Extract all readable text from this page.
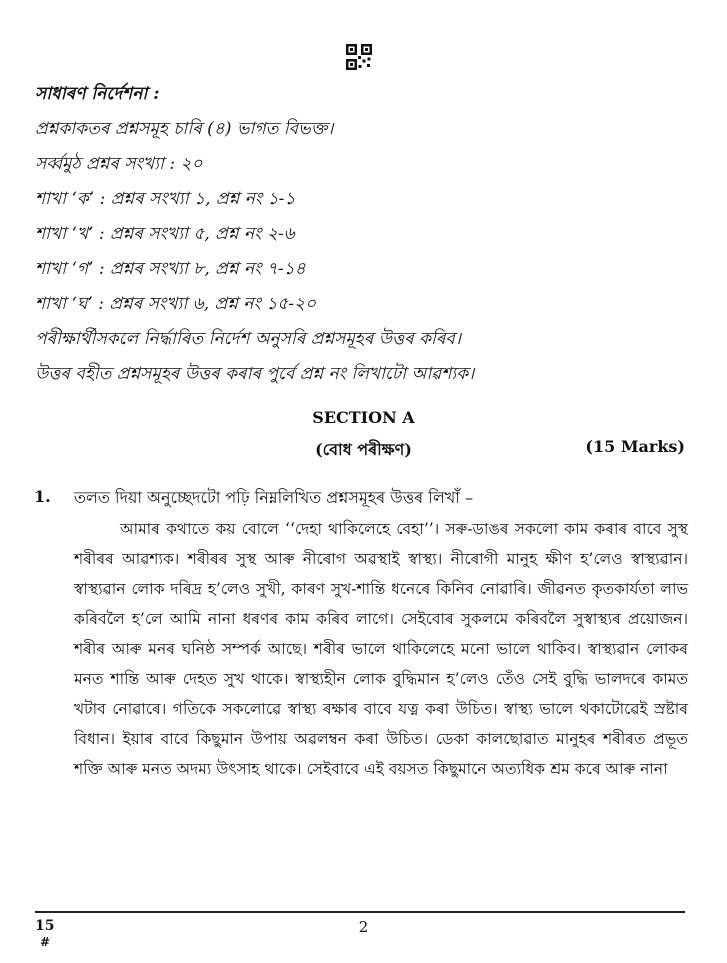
সাধাৰণ নিৰ্দেশনা :
প্ৰশ্নকাকতৰ প্ৰশ্নসমূহ চাৰি (৪) ভাগত বিভক্ত।
সৰ্ব্বমুঠ প্ৰশ্নৰ সংখ্যা : ২০
শাখা ‘ক’ : প্ৰশ্নৰ সংখ্যা ১, প্ৰশ্ন নং ১-১
শাখা ‘খ’ : প্ৰশ্নৰ সংখ্যা ৫, প্ৰশ্ন নং ২-৬
শাখা ‘গ’ : প্ৰশ্নৰ সংখ্যা ৮, প্ৰশ্ন নং ৭-১৪
শাখা ‘ঘ’ : প্ৰশ্নৰ সংখ্যা ৬, প্ৰশ্ন নং ১৫-২০
পৰীক্ষাৰ্থীসকলে নিৰ্দ্ধাৰিত নিৰ্দেশ অনুসৰি প্ৰশ্নসমূহৰ উত্তৰ কৰিব।
উত্তৰ বহীত প্ৰশ্নসমূহৰ উত্তৰ কৰাৰ পুৰ্বে প্ৰশ্ন নং লিখাটো আৱশ্যক।
SECTION A
(বোধ পৰীক্ষণ)	(15 Marks)
1. তলত দিয়া অনুচ্ছেদটো পঢ়ি নিম্নলিখিত প্ৰশ্নসমূহৰ উত্তৰ লিখাঁ –
আমাৰ কথাতে কয় বোলে ‘‘দেহা থাকিলেহে বেহা’’। সৰু-ডাঙৰ সকলো কাম কৰাৰ বাবে সুস্থ শৰীৰৰ আৱশ্যক। শৰীৰৰ সুস্থ আৰু নীৰোগ অৱস্থাই স্বাস্থ্য। নীৰোগী মানুহ ক্ষীণ হ’লেও স্বাস্থ্যৱান। স্বাস্থ্যৱান লোক দৰিদ্ৰ হ’লেও সুখী, কাৰণ সুখ-শান্তি ধনেৰে কিনিব নোৱাৰি। জীৱনত কৃতকাৰ্যতা লাভ কৰিবলৈ হ’লে আমি নানা ধৰণৰ কাম কৰিব লাগে। সেইবোৰ সুকলমে কৰিবলৈ সুস্বাস্থ্যৰ প্ৰয়োজন। শৰীৰ আৰু মনৰ ঘনিষ্ঠ সম্পৰ্ক আছে। শৰীৰ ভালে থাকিলেহে মনো ভালে থাকিব। স্বাস্থ্যৱান লোকৰ মনত শান্তি আৰু দেহত সুখ থাকে। স্বাস্থ্যহীন লোক বুদ্ধিমান হ’লেও তেঁও সেই বুদ্ধি ভালদৰে কামত খটাব নোৱাৰে। গতিকে সকলোৱে স্বাস্থ্য ৰক্ষাৰ বাবে যত্ন কৰা উচিত। স্বাস্থ্য ভালে থকাটোৱেই স্ৰষ্টাৰ বিধান। ইয়াৰ বাবে কিছুমান উপায় অৱলম্বন কৰা উচিত। ডেকা কালছোৱাত মানুহৰ শৰীৰত প্ৰভূত শক্তি আৰু মনত অদম্য উৎসাহ থাকে। সেইবাবে এই বয়সত কিছুমানে অত্যধিক শ্ৰম কৰে আৰু নানা
15
#
2
